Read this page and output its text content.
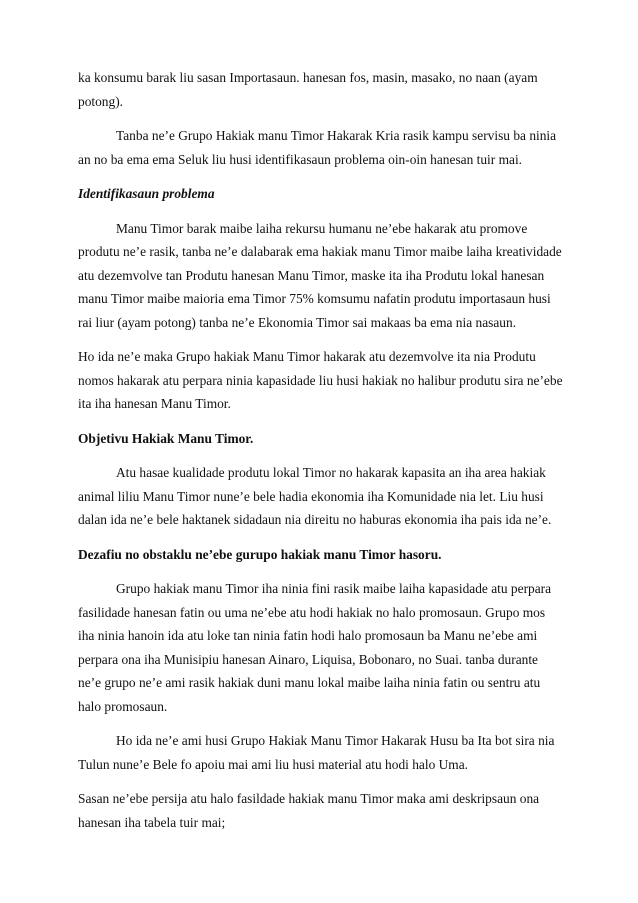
ka konsumu barak liu sasan Importasaun. hanesan fos, masin, masako, no naan (ayam potong).

Tanba ne’e Grupo Hakiak manu Timor Hakarak Kria rasik kampu servisu ba ninia an no ba ema ema Seluk liu husi identifikasaun problema oin-oin hanesan tuir mai.

Identifikasaun problema

Manu Timor barak maibe laiha rekursu humanu ne’ebe hakarak atu promove produtu ne’e rasik, tanba ne’e dalabarak ema hakiak manu Timor maibe laiha kreatividade atu dezemvolve tan Produtu hanesan Manu Timor, maske ita iha Produtu lokal hanesan manu Timor maibe maioria ema Timor 75% komsumu nafatin produtu importasaun husi rai liur (ayam potong) tanba ne’e Ekonomia Timor sai makaas ba ema nia nasaun.

Ho ida ne’e maka Grupo hakiak Manu Timor hakarak atu dezemvolve ita nia Produtu nomos hakarak atu perpara ninia kapasidade liu husi hakiak no halibur produtu sira ne’ebe ita iha hanesan Manu Timor.

Objetivu Hakiak Manu Timor.

Atu hasae kualidade produtu lokal Timor no hakarak kapasita an iha area hakiak animal liliu Manu Timor nune’e bele hadia ekonomia iha Komunidade nia let. Liu husi dalan ida ne’e bele haktanek sidadaun nia direitu no haburas ekonomia iha pais ida ne’e.

Dezafiu no obstaklu ne’ebe gurupo hakiak manu Timor hasoru.

Grupo hakiak manu Timor iha ninia fini rasik maibe laiha kapasidade atu perpara fasilidade hanesan fatin ou uma ne’ebe atu hodi hakiak no halo promosaun. Grupo mos iha ninia hanoin ida atu loke tan ninia fatin hodi halo promosaun ba Manu ne’ebe ami perpara ona iha Munisipiu hanesan Ainaro, Liquisa, Bobonaro, no Suai. tanba durante ne’e grupo ne’e ami rasik hakiak duni manu lokal maibe laiha ninia fatin ou sentru atu halo promosaun.

Ho ida ne’e ami husi Grupo Hakiak Manu Timor Hakarak Husu ba Ita bot sira nia Tulun nune’e Bele fo apoiu mai ami liu husi material atu hodi halo Uma.

Sasan ne’ebe persija atu halo fasildade hakiak manu Timor maka ami deskripsaun ona hanesan iha tabela tuir mai;
